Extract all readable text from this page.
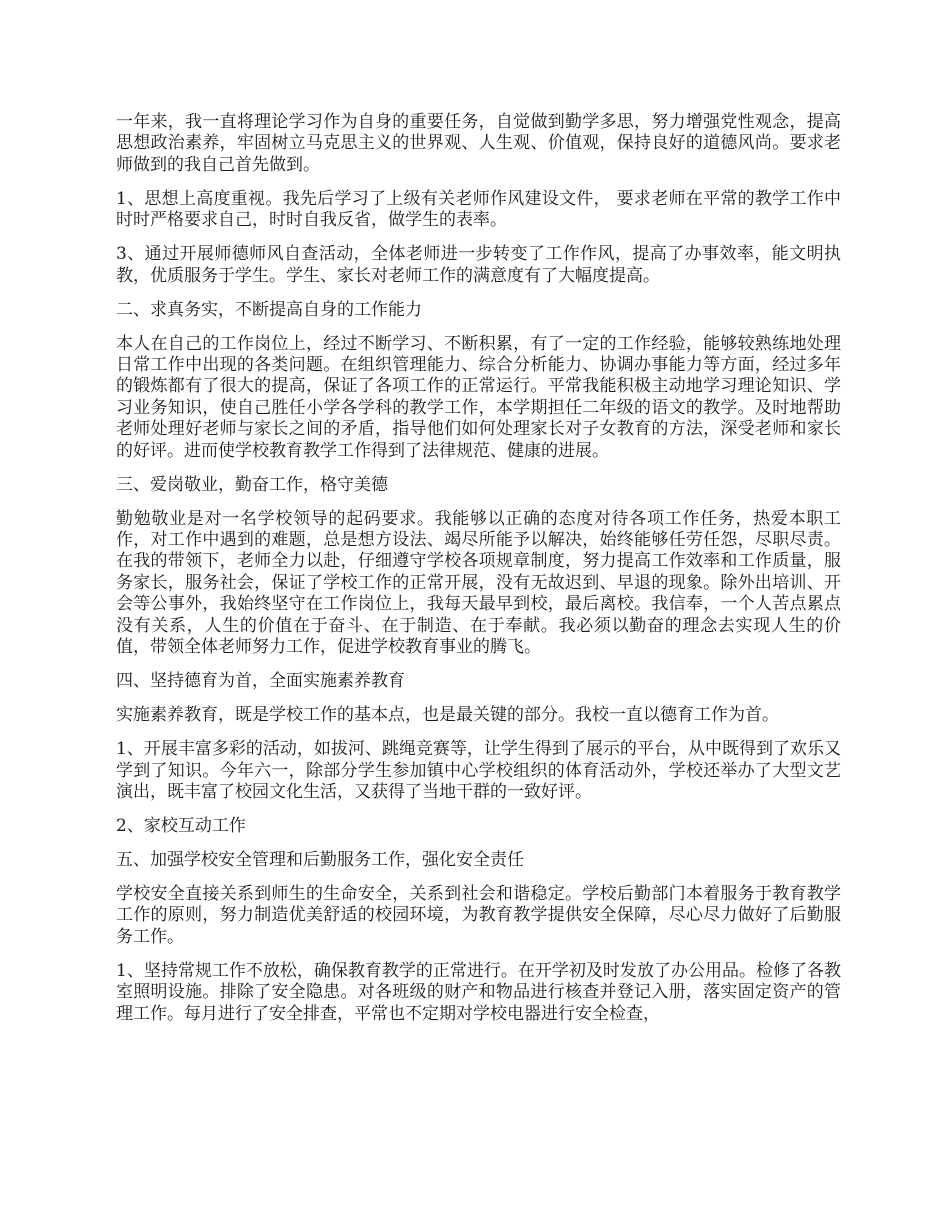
一年来，我一直将理论学习作为自身的重要任务，自觉做到勤学多思，努力增强党性观念，提高思想政治素养，牢固树立马克思主义的世界观、人生观、价值观，保持良好的道德风尚。要求老师做到的我自己首先做到。

1、思想上高度重视。我先后学习了上级有关老师作风建设文件， 要求老师在平常的教学工作中时时严格要求自己，时时自我反省，做学生的表率。

3、通过开展师德师风自查活动，全体老师进一步转变了工作作风，提高了办事效率，能文明执教，优质服务于学生。学生、家长对老师工作的满意度有了大幅度提高。

二、求真务实，不断提高自身的工作能力

本人在自己的工作岗位上，经过不断学习、不断积累，有了一定的工作经验，能够较熟练地处理日常工作中出现的各类问题。在组织管理能力、综合分析能力、协调办事能力等方面，经过多年的锻炼都有了很大的提高，保证了各项工作的正常运行。平常我能积极主动地学习理论知识、学习业务知识，使自己胜任小学各学科的教学工作，本学期担任二年级的语文的教学。及时地帮助老师处理好老师与家长之间的矛盾，指导他们如何处理家长对子女教育的方法，深受老师和家长的好评。进而使学校教育教学工作得到了法律规范、健康的进展。

三、爱岗敬业，勤奋工作，格守美德

勤勉敬业是对一名学校领导的起码要求。我能够以正确的态度对待各项工作任务，热爱本职工作，对工作中遇到的难题，总是想方设法、竭尽所能予以解决，始终能够任劳任怨，尽职尽责。在我的带领下，老师全力以赴，仔细遵守学校各项规章制度，努力提高工作效率和工作质量，服务家长，服务社会，保证了学校工作的正常开展，没有无故迟到、早退的现象。除外出培训、开会等公事外，我始终坚守在工作岗位上，我每天最早到校，最后离校。我信奉，一个人苦点累点没有关系，人生的价值在于奋斗、在于制造、在于奉献。我必须以勤奋的理念去实现人生的价值，带领全体老师努力工作，促进学校教育事业的腾飞。

四、坚持德育为首，全面实施素养教育

实施素养教育，既是学校工作的基本点，也是最关键的部分。我校一直以德育工作为首。

1、开展丰富多彩的活动，如拔河、跳绳竞赛等，让学生得到了展示的平台，从中既得到了欢乐又学到了知识。今年六一，除部分学生参加镇中心学校组织的体育活动外，学校还举办了大型文艺演出，既丰富了校园文化生活，又获得了当地干群的一致好评。

2、家校互动工作

五、加强学校安全管理和后勤服务工作，强化安全责任

学校安全直接关系到师生的生命安全，关系到社会和谐稳定。学校后勤部门本着服务于教育教学工作的原则，努力制造优美舒适的校园环境，为教育教学提供安全保障，尽心尽力做好了后勤服务工作。

1、坚持常规工作不放松，确保教育教学的正常进行。在开学初及时发放了办公用品。检修了各教室照明设施。排除了安全隐患。对各班级的财产和物品进行核查并登记入册，落实固定资产的管理工作。每月进行了安全排查，平常也不定期对学校电器进行安全检查，
